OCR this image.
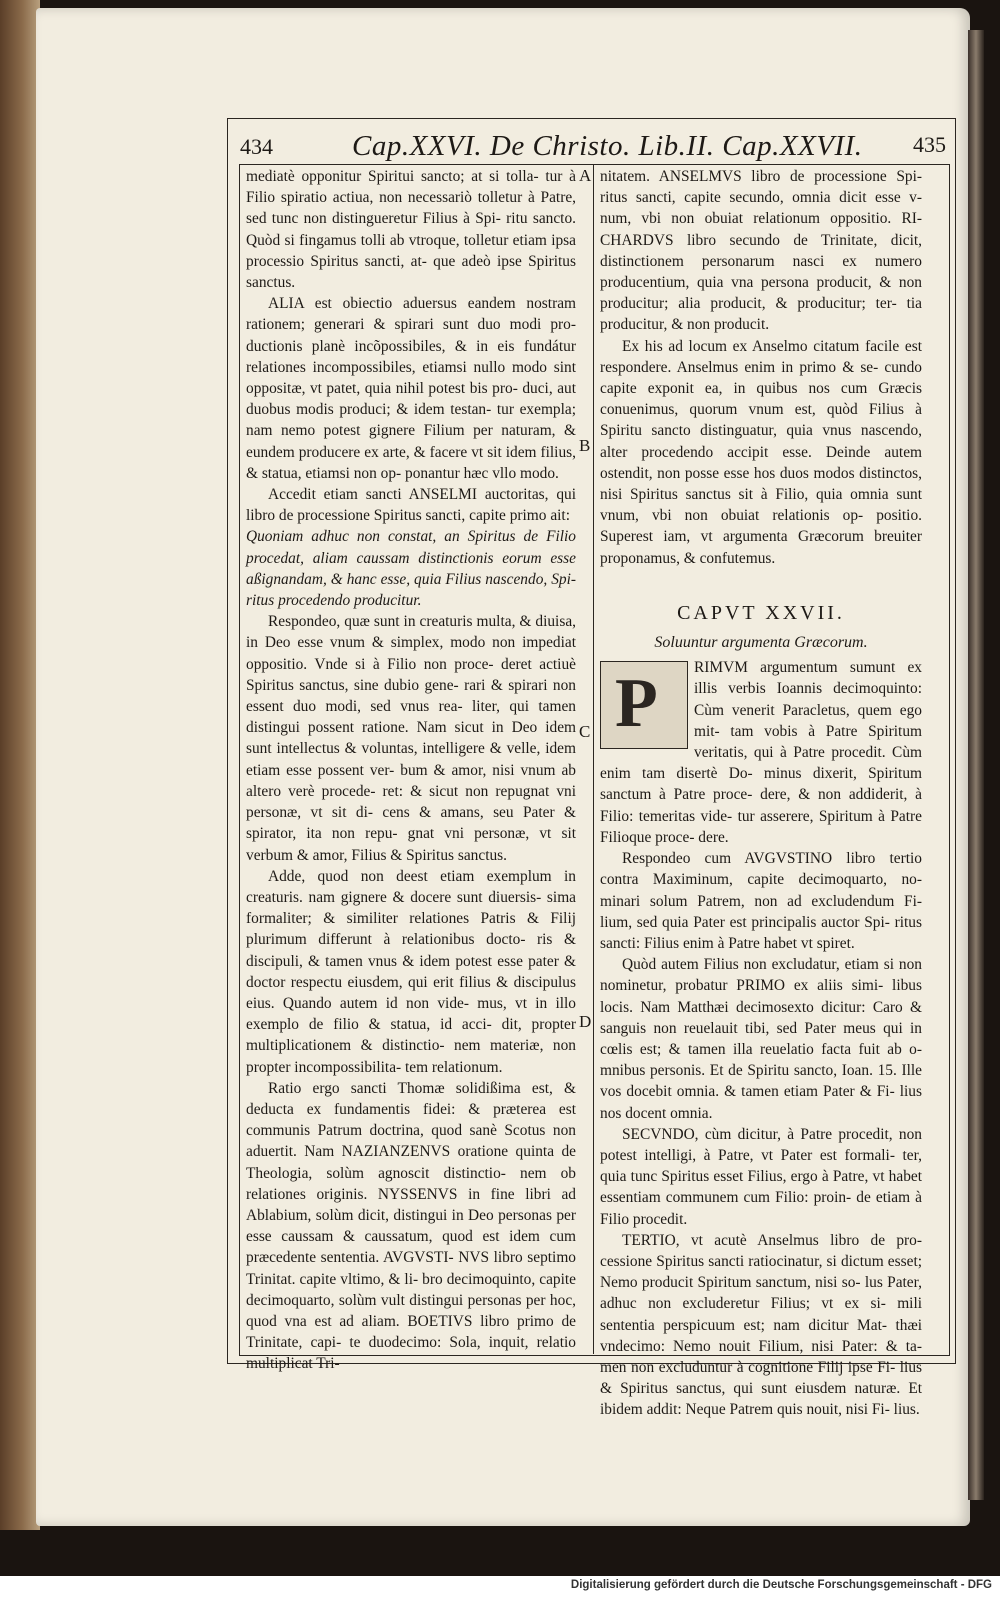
434	Cap.XXVI. De Christo. Lib.II. Cap.XXVII. 435
A
B
C
D

mediatè opponitur Spiritui sancto; at si tolla- tur à Filio spiratio actiua, non necessariò tolletur à Patre, sed tunc non distingueretur Filius à Spi- ritu sancto. Quòd si fingamus tolli ab vtroque, tolletur etiam ipsa processio Spiritus sancti, at- que adeò ipse Spiritus sanctus.

ALIA est obiectio aduersus eandem nostram rationem; generari & spirari sunt duo modi pro- ductionis planè incõpossibiles, & in eis fundátur relationes incompossibiles, etiamsi nullo modo sint oppositæ, vt patet, quia nihil potest bis pro- duci, aut duobus modis produci; & idem testan- tur exempla; nam nemo potest gignere Filium per naturam, & eundem producere ex arte, & facere vt sit idem filius, & statua, etiamsi non op- ponantur hæc vllo modo.

Accedit etiam sancti ANSELMI auctoritas, qui libro de processione Spiritus sancti, capite primo ait:

Quoniam adhuc non constat, an Spiritus de Filio procedat, aliam caussam distinctionis eorum esse aßignandam, & hanc esse, quia Filius nascendo, Spi- ritus procedendo producitur.

Respondeo, quæ sunt in creaturis multa, & diuisa, in Deo esse vnum & simplex, modo non impediat oppositio. Vnde si à Filio non proce- deret actiuè Spiritus sanctus, sine dubio gene- rari & spirari non essent duo modi, sed vnus rea- liter, qui tamen distingui possent ratione. Nam sicut in Deo idem sunt intellectus & voluntas, intelligere & velle, idem etiam esse possent ver- bum & amor, nisi vnum ab altero verè procede- ret: & sicut non repugnat vni personæ, vt sit di- cens & amans, seu Pater & spirator, ita non repu- gnat vni personæ, vt sit verbum & amor, Filius & Spiritus sanctus.

Adde, quod non deest etiam exemplum in creaturis. nam gignere & docere sunt diuersis- sima formaliter; & similiter relationes Patris & Filij plurimum differunt à relationibus docto- ris & discipuli, & tamen vnus & idem potest esse pater & doctor respectu eiusdem, qui erit filius & discipulus eius. Quando autem id non vide- mus, vt in illo exemplo de filio & statua, id acci- dit, propter multiplicationem & distinctio- nem materiæ, non propter incompossibilita- tem relationum.

Ratio ergo sancti Thomæ solidißima est, & deducta ex fundamentis fidei: & præterea est communis Patrum doctrina, quod sanè Scotus non aduertit. Nam NAZIANZENVS oratione quinta de Theologia, solùm agnoscit distinctio- nem ob relationes originis. NYSSENVS in fine libri ad Ablabium, solùm dicit, distingui in Deo personas per esse caussam & caussatum, quod est idem cum præcedente sententia. AVGVSTI- NVS libro septimo Trinitat. capite vltimo, & li- bro decimoquinto, capite decimoquarto, solùm vult distingui personas per hoc, quod vna est ad aliam. BOETIVS libro primo de Trinitate, capi- te duodecimo: Sola, inquit, relatio multiplicat Tri-

nitatem. ANSELMVS libro de processione Spi- ritus sancti, capite secundo, omnia dicit esse v- num, vbi non obuiat relationum oppositio. RI- CHARDVS libro secundo de Trinitate, dicit, distinctionem personarum nasci ex numero producentium, quia vna persona producit, & non producitur; alia producit, & producitur; ter- tia producitur, & non producit.

Ex his ad locum ex Anselmo citatum facile est respondere. Anselmus enim in primo & se- cundo capite exponit ea, in quibus nos cum Græcis conuenimus, quorum vnum est, quòd Filius à Spiritu sancto distinguatur, quia vnus nascendo, alter procedendo accipit esse. Deinde autem ostendit, non posse esse hos duos modos distinctos, nisi Spiritus sanctus sit à Filio, quia omnia sunt vnum, vbi non obuiat relationis op- positio. Superest iam, vt argumenta Græcorum breuiter proponamus, & confutemus.

CAPVT XXVII.
Soluuntur argumenta Græcorum.
P	RIMVM argumentum sumunt ex illis verbis Ioannis decimoquinto: Cùm venerit Paracletus, quem ego mit- tam vobis à Patre Spiritum veritatis, qui à Patre procedit. Cùm enim tam disertè Do- minus dixerit, Spiritum sanctum à Patre proce- dere, & non addiderit, à Filio: temeritas vide- tur asserere, Spiritum à Patre Filioque proce- dere.

Respondeo cum AVGVSTINO libro tertio contra Maximinum, capite decimoquarto, no- minari solum Patrem, non ad excludendum Fi- lium, sed quia Pater est principalis auctor Spi- ritus sancti: Filius enim à Patre habet vt spiret.

Quòd autem Filius non excludatur, etiam si non nominetur, probatur PRIMO ex aliis simi- libus locis. Nam Matthæi decimosexto dicitur: Caro & sanguis non reuelauit tibi, sed Pater meus qui in cœlis est; & tamen illa reuelatio facta fuit ab o- mnibus personis. Et de Spiritu sancto, Ioan. 15. Ille vos docebit omnia. & tamen etiam Pater & Fi- lius nos docent omnia.

SECVNDO, cùm dicitur, à Patre procedit, non potest intelligi, à Patre, vt Pater est formali- ter, quia tunc Spiritus esset Filius, ergo à Patre, vt habet essentiam communem cum Filio: proin- de etiam à Filio procedit.

TERTIO, vt acutè Anselmus libro de pro- cessione Spiritus sancti ratiocinatur, si dictum esset; Nemo producit Spiritum sanctum, nisi so- lus Pater, adhuc non excluderetur Filius; vt ex si- mili sententia perspicuum est; nam dicitur Mat- thæi vndecimo: Nemo nouit Filium, nisi Pater: & ta- men non excluduntur à cognitione Filij ipse Fi- lius & Spiritus sanctus, qui sunt eiusdem naturæ. Et ibidem addit: Neque Patrem quis nouit, nisi Fi- lius.

Digitalisierung gefördert durch die Deutsche Forschungsgemeinschaft - DFG
